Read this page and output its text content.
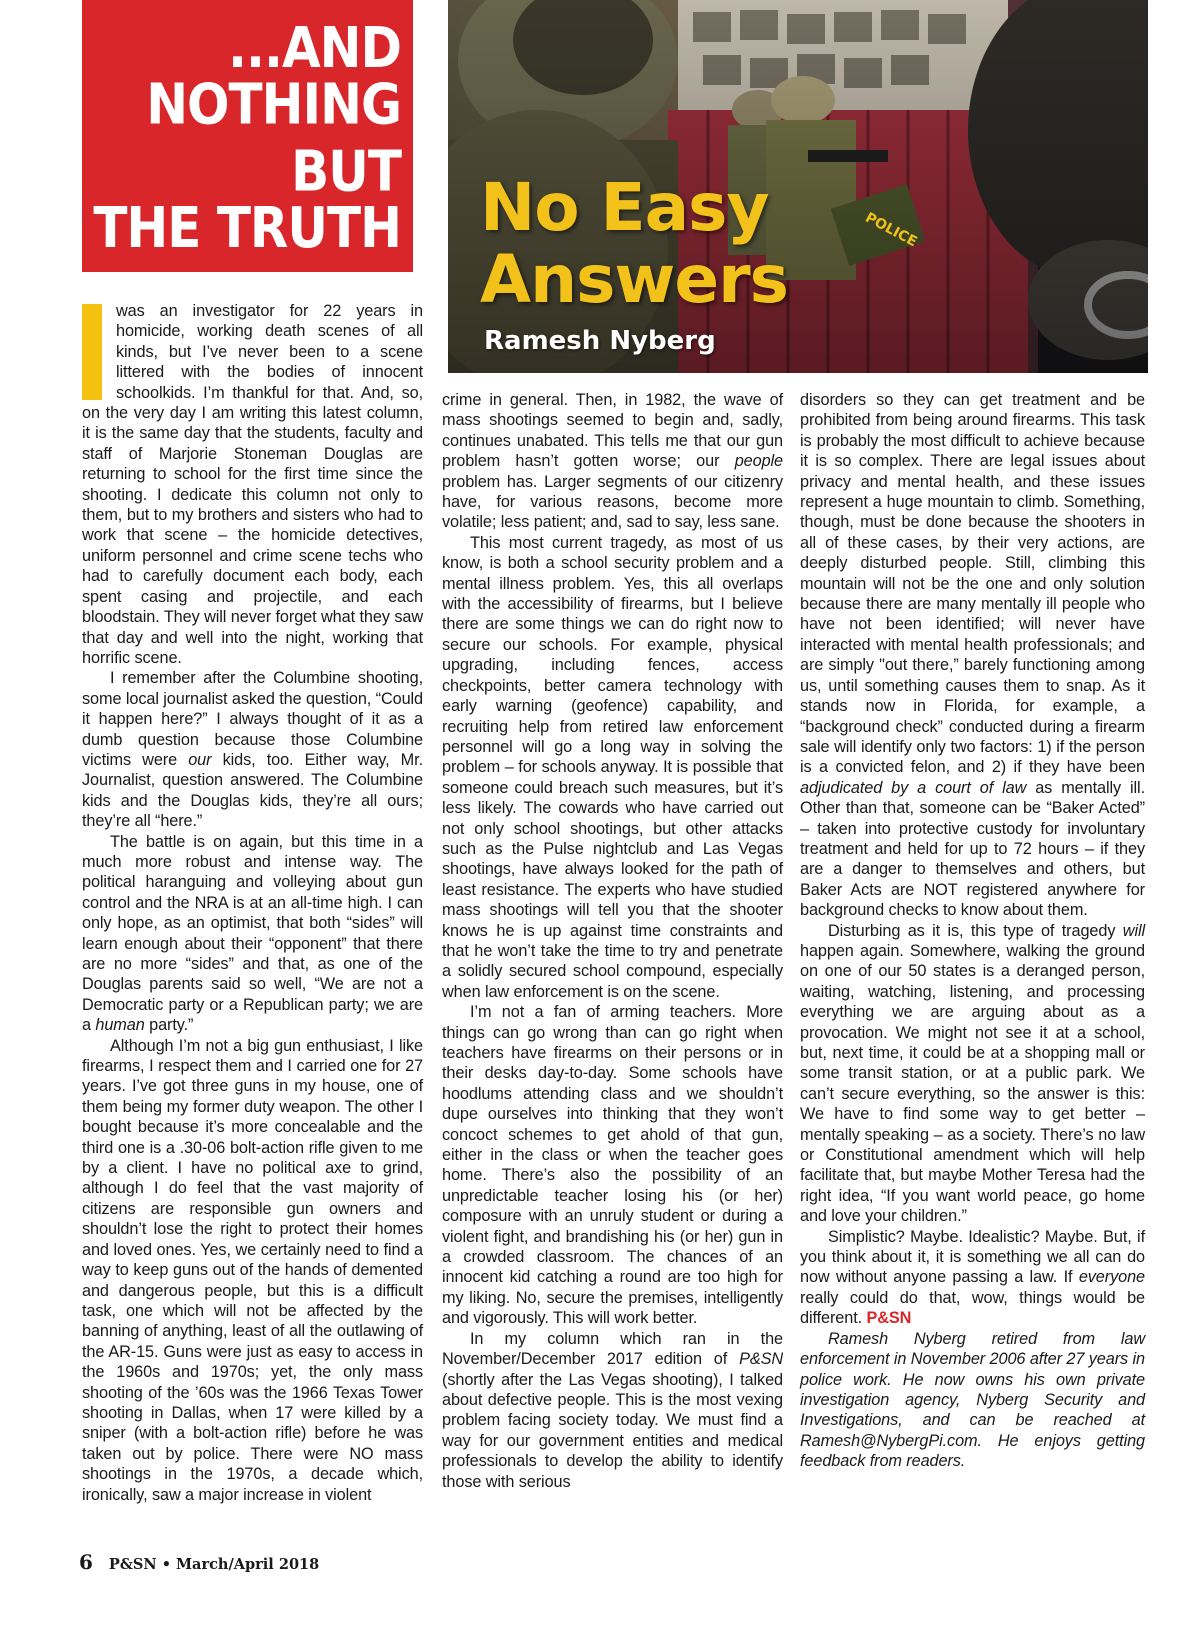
...AND
NOTHING BUT
THE TRUTH	POLICE
No Easy
Answers
Ramesh Nyberg

was an investigator for 22 years in homicide, working death scenes of all kinds, but I’ve never been to a scene littered with the bodies of innocent schoolkids. I’m thankful for that. And, so, on the very day I am writing this latest column, it is the same day that the students, faculty and staff of Marjorie Stoneman Douglas are returning to school for the first time since the shooting. I dedicate this column not only to them, but to my brothers and sisters who had to work that scene – the homicide detectives, uniform personnel and crime scene techs who had to carefully document each body, each spent casing and projectile, and each bloodstain. They will never forget what they saw that day and well into the night, working that horrific scene.

I remember after the Columbine shooting, some local journalist asked the question, “Could it happen here?” I always thought of it as a dumb question because those Columbine victims were our kids, too. Either way, Mr. Journalist, question answered. The Columbine kids and the Douglas kids, they’re all ours; they’re all “here.”

The battle is on again, but this time in a much more robust and intense way. The political haranguing and volleying about gun control and the NRA is at an all-time high. I can only hope, as an optimist, that both “sides” will learn enough about their “opponent” that there are no more “sides” and that, as one of the Douglas parents said so well, “We are not a Democratic party or a Republican party; we are a human party.”

Although I’m not a big gun enthusiast, I like firearms, I respect them and I carried one for 27 years. I’ve got three guns in my house, one of them being my former duty weapon. The other I bought because it’s more concealable and the third one is a .30-06 bolt-action rifle given to me by a client. I have no political axe to grind, although I do feel that the vast majority of citizens are responsible gun owners and shouldn’t lose the right to protect their homes and loved ones. Yes, we certainly need to find a way to keep guns out of the hands of demented and dangerous people, but this is a difficult task, one which will not be affected by the banning of anything, least of all the outlawing of the AR-15. Guns were just as easy to access in the 1960s and 1970s; yet, the only mass shooting of the ’60s was the 1966 Texas Tower shooting in Dallas, when 17 were killed by a sniper (with a bolt-action rifle) before he was taken out by police. There were NO mass shootings in the 1970s, a decade which, ironically, saw a major increase in violent

crime in general. Then, in 1982, the wave of mass shootings seemed to begin and, sadly, continues unabated. This tells me that our gun problem hasn’t gotten worse; our people problem has. Larger segments of our citizenry have, for various reasons, become more volatile; less patient; and, sad to say, less sane.

This most current tragedy, as most of us know, is both a school security problem and a mental illness problem. Yes, this all overlaps with the accessibility of firearms, but I believe there are some things we can do right now to secure our schools. For example, physical upgrading, including fences, access checkpoints, better camera technology with early warning (geofence) capability, and recruiting help from retired law enforcement personnel will go a long way in solving the problem – for schools anyway. It is possible that someone could breach such measures, but it’s less likely. The cowards who have carried out not only school shootings, but other attacks such as the Pulse nightclub and Las Vegas shootings, have always looked for the path of least resistance. The experts who have studied mass shootings will tell you that the shooter knows he is up against time constraints and that he won’t take the time to try and penetrate a solidly secured school compound, especially when law enforcement is on the scene.

I’m not a fan of arming teachers. More things can go wrong than can go right when teachers have firearms on their persons or in their desks day-to-day. Some schools have hoodlums attending class and we shouldn’t dupe ourselves into thinking that they won’t concoct schemes to get ahold of that gun, either in the class or when the teacher goes home. There’s also the possibility of an unpredictable teacher losing his (or her) composure with an unruly student or during a violent fight, and brandishing his (or her) gun in a crowded classroom. The chances of an innocent kid catching a round are too high for my liking. No, secure the premises, intelligently and vigorously. This will work better.

In my column which ran in the November/December 2017 edition of P&SN (shortly after the Las Vegas shooting), I talked about defective people. This is the most vexing problem facing society today. We must find a way for our government entities and medical professionals to develop the ability to identify those with serious

disorders so they can get treatment and be prohibited from being around firearms. This task is probably the most difficult to achieve because it is so complex. There are legal issues about privacy and mental health, and these issues represent a huge mountain to climb. Something, though, must be done because the shooters in all of these cases, by their very actions, are deeply disturbed people. Still, climbing this mountain will not be the one and only solution because there are many mentally ill people who have not been identified; will never have interacted with mental health professionals; and are simply "out there,” barely functioning among us, until something causes them to snap. As it stands now in Florida, for example, a “background check” conducted during a firearm sale will identify only two factors: 1) if the person is a convicted felon, and 2) if they have been adjudicated by a court of law as mentally ill. Other than that, someone can be “Baker Acted” – taken into protective custody for involuntary treatment and held for up to 72 hours – if they are a danger to themselves and others, but Baker Acts are NOT registered anywhere for background checks to know about them.

Disturbing as it is, this type of tragedy will happen again. Somewhere, walking the ground on one of our 50 states is a deranged person, waiting, watching, listening, and processing everything we are arguing about as a provocation. We might not see it at a school, but, next time, it could be at a shopping mall or some transit station, or at a public park. We can’t secure everything, so the answer is this: We have to find some way to get better – mentally speaking – as a society. There’s no law or Constitutional amendment which will help facilitate that, but maybe Mother Teresa had the right idea, “If you want world peace, go home and love your children.”

Simplistic? Maybe. Idealistic? Maybe. But, if you think about it, it is something we all can do now without anyone passing a law. If everyone really could do that, wow, things would be different. P&SN

Ramesh Nyberg retired from law enforcement in November 2006 after 27 years in police work. He now owns his own private investigation agency, Nyberg Security and Investigations, and can be reached at Ramesh@NybergPi.com. He enjoys getting feedback from readers.

6 P&SN • March/April 2018
